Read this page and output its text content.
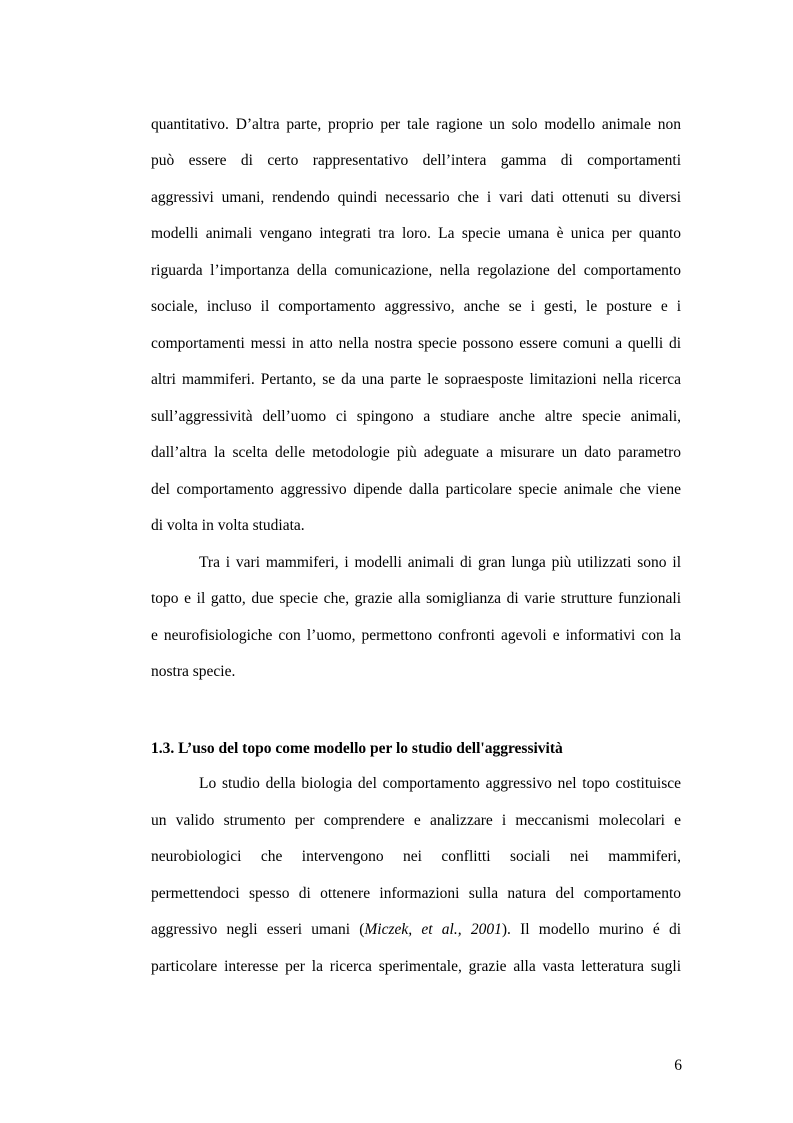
quantitativo. D’altra parte, proprio per tale ragione un solo modello animale non
può essere di certo rappresentativo dell’intera gamma di comportamenti
aggressivi umani, rendendo quindi necessario che i vari dati ottenuti su diversi
modelli animali vengano integrati tra loro. La specie umana è unica per quanto
riguarda l’importanza della comunicazione, nella regolazione del comportamento
sociale, incluso il comportamento aggressivo, anche se i gesti, le posture e i
comportamenti messi in atto nella nostra specie possono essere comuni a quelli di
altri mammiferi. Pertanto, se da una parte le sopraesposte limitazioni nella ricerca
sull’aggressività dell’uomo ci spingono a studiare anche altre specie animali,
dall’altra la scelta delle metodologie più adeguate a misurare un dato parametro
del comportamento aggressivo dipende dalla particolare specie animale che viene
di volta in volta studiata.
Tra i vari mammiferi, i modelli animali di gran lunga più utilizzati sono il
topo e il gatto, due specie che, grazie alla somiglianza di varie strutture funzionali
e neurofisiologiche con l’uomo, permettono confronti agevoli e informativi con la
nostra specie.
1.3. L’uso del topo come modello per lo studio dell'aggressività
Lo studio della biologia del comportamento aggressivo nel topo costituisce
un valido strumento per comprendere e analizzare i meccanismi molecolari e
neurobiologici che intervengono nei conflitti sociali nei mammiferi,
permettendoci spesso di ottenere informazioni sulla natura del comportamento
aggressivo negli esseri umani (Miczek, et al., 2001). Il modello murino é di
particolare interesse per la ricerca sperimentale, grazie alla vasta letteratura sugli
6
